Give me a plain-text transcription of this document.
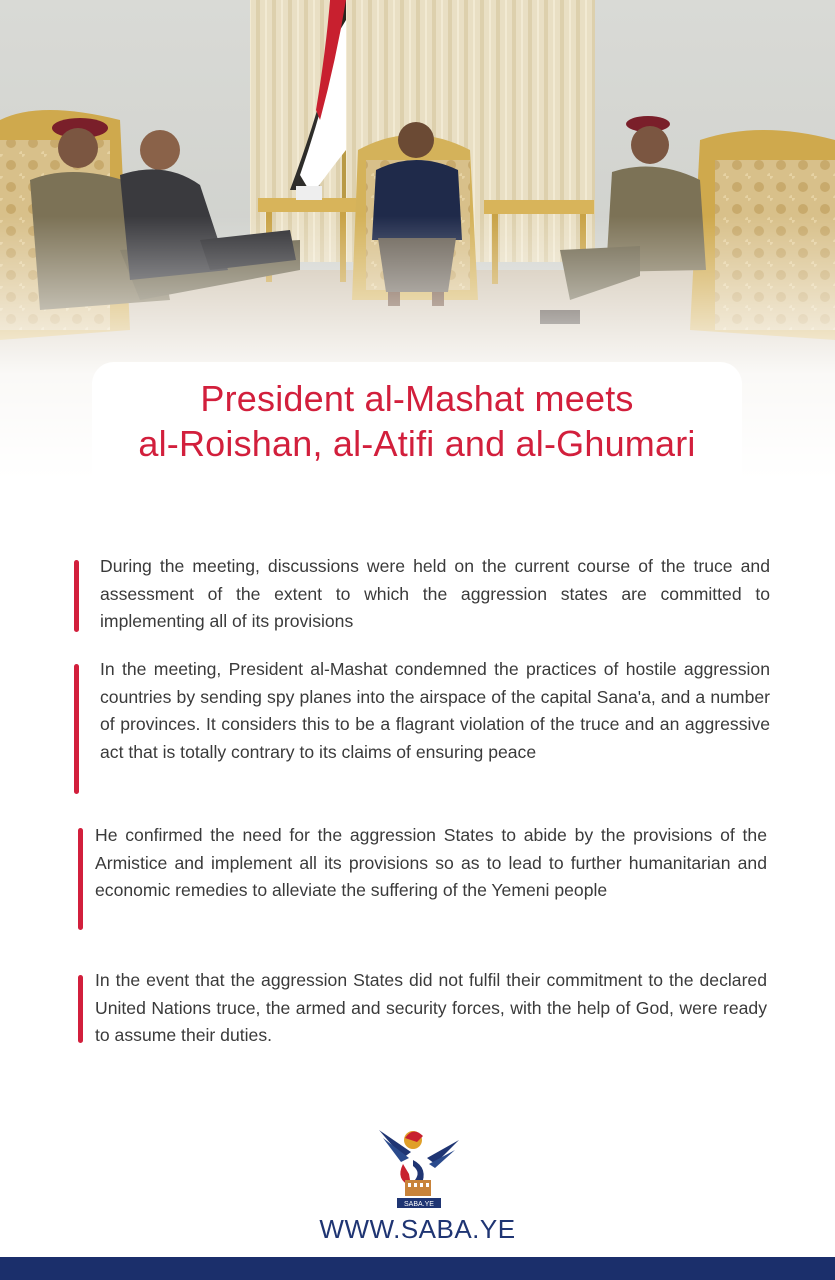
President al-Mashat meets
al-Roishan, al-Atifi and al-Ghumari

During the meeting, discussions were held on the current course of the truce and assessment of the extent to which the aggression states are committed to implementing all of its provisions

In the meeting, President al-Mashat condemned the practices of hostile aggression countries by sending spy planes into the airspace of the capital Sana'a, and a number of provinces. It considers this to be a flagrant violation of the truce and an aggressive act that is totally contrary to its claims of ensuring peace

He confirmed the need for the aggression States to abide by the provisions of the Armistice and implement all its provisions so as to lead to further humanitarian and economic remedies to alleviate the suffering of the Yemeni people

In the event that the aggression States did not fulfil their commitment to the declared United Nations truce, the armed and security forces, with the help of God, were ready to assume their duties.

SABA.YE
WWW.SABA.YE
